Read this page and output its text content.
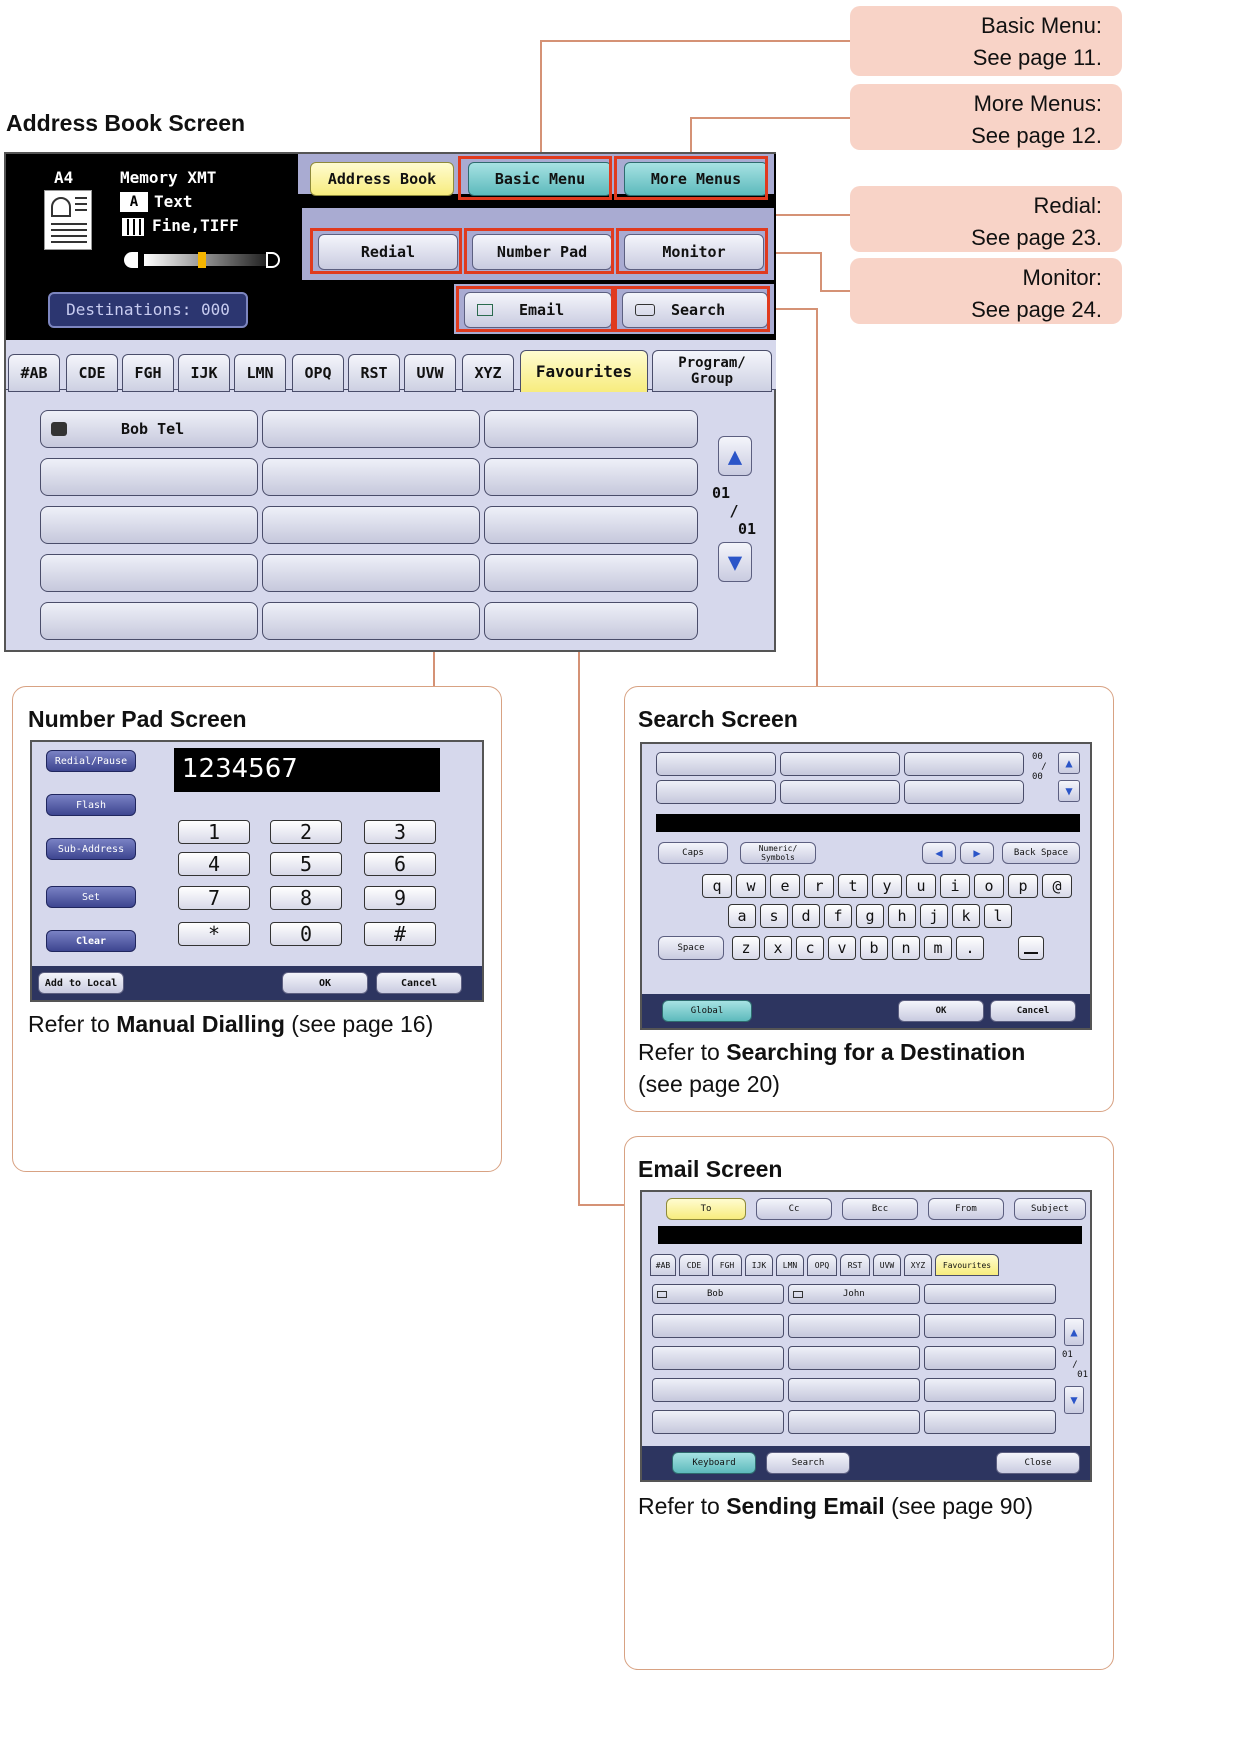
Basic Menu:
See page 11.
More Menus:
See page 12.
Redial:
See page 23.
Monitor:
See page 24.
Address Book Screen
A4	Memory XMT
A Text
Fine,TIFF
Destinations: 000
Address Book	Basic Menu	More Menus
Redial	Number Pad	Monitor
Email	Search
#AB	CDE	FGH	IJK	LMN	OPQ	RST	UVW	XYZ	Favourites	Program/
Group
Bob Tel
▲
01
/
01
▼
Number Pad Screen
Redial/Pause
Flash
Sub-Address
Set
Clear
1234567
1	2	3
4	5	6
7	8	9
*	0	#
Add to Local	OK	Cancel
Refer to Manual Dialling (see page 16)
Search Screen
00
/
00
▲
▼
Caps	Numeric/
Symbols	◀	▶	Back Space
q	w	e	r	t	y	u	i	o	p	@
a	s	d	f	g	h	j	k	l
Space	z	x	c	v	b	n	m	.
Global	OK	Cancel
Refer to Searching for a Destination
(see page 20)
Email Screen
To	Cc	Bcc	From	Subject
#AB	CDE	FGH	IJK	LMN	OPQ	RST	UVW	XYZ	Favourites
Bob	John
▲
01
/
01
▼
Keyboard	Search	Close
Refer to Sending Email (see page 90)
